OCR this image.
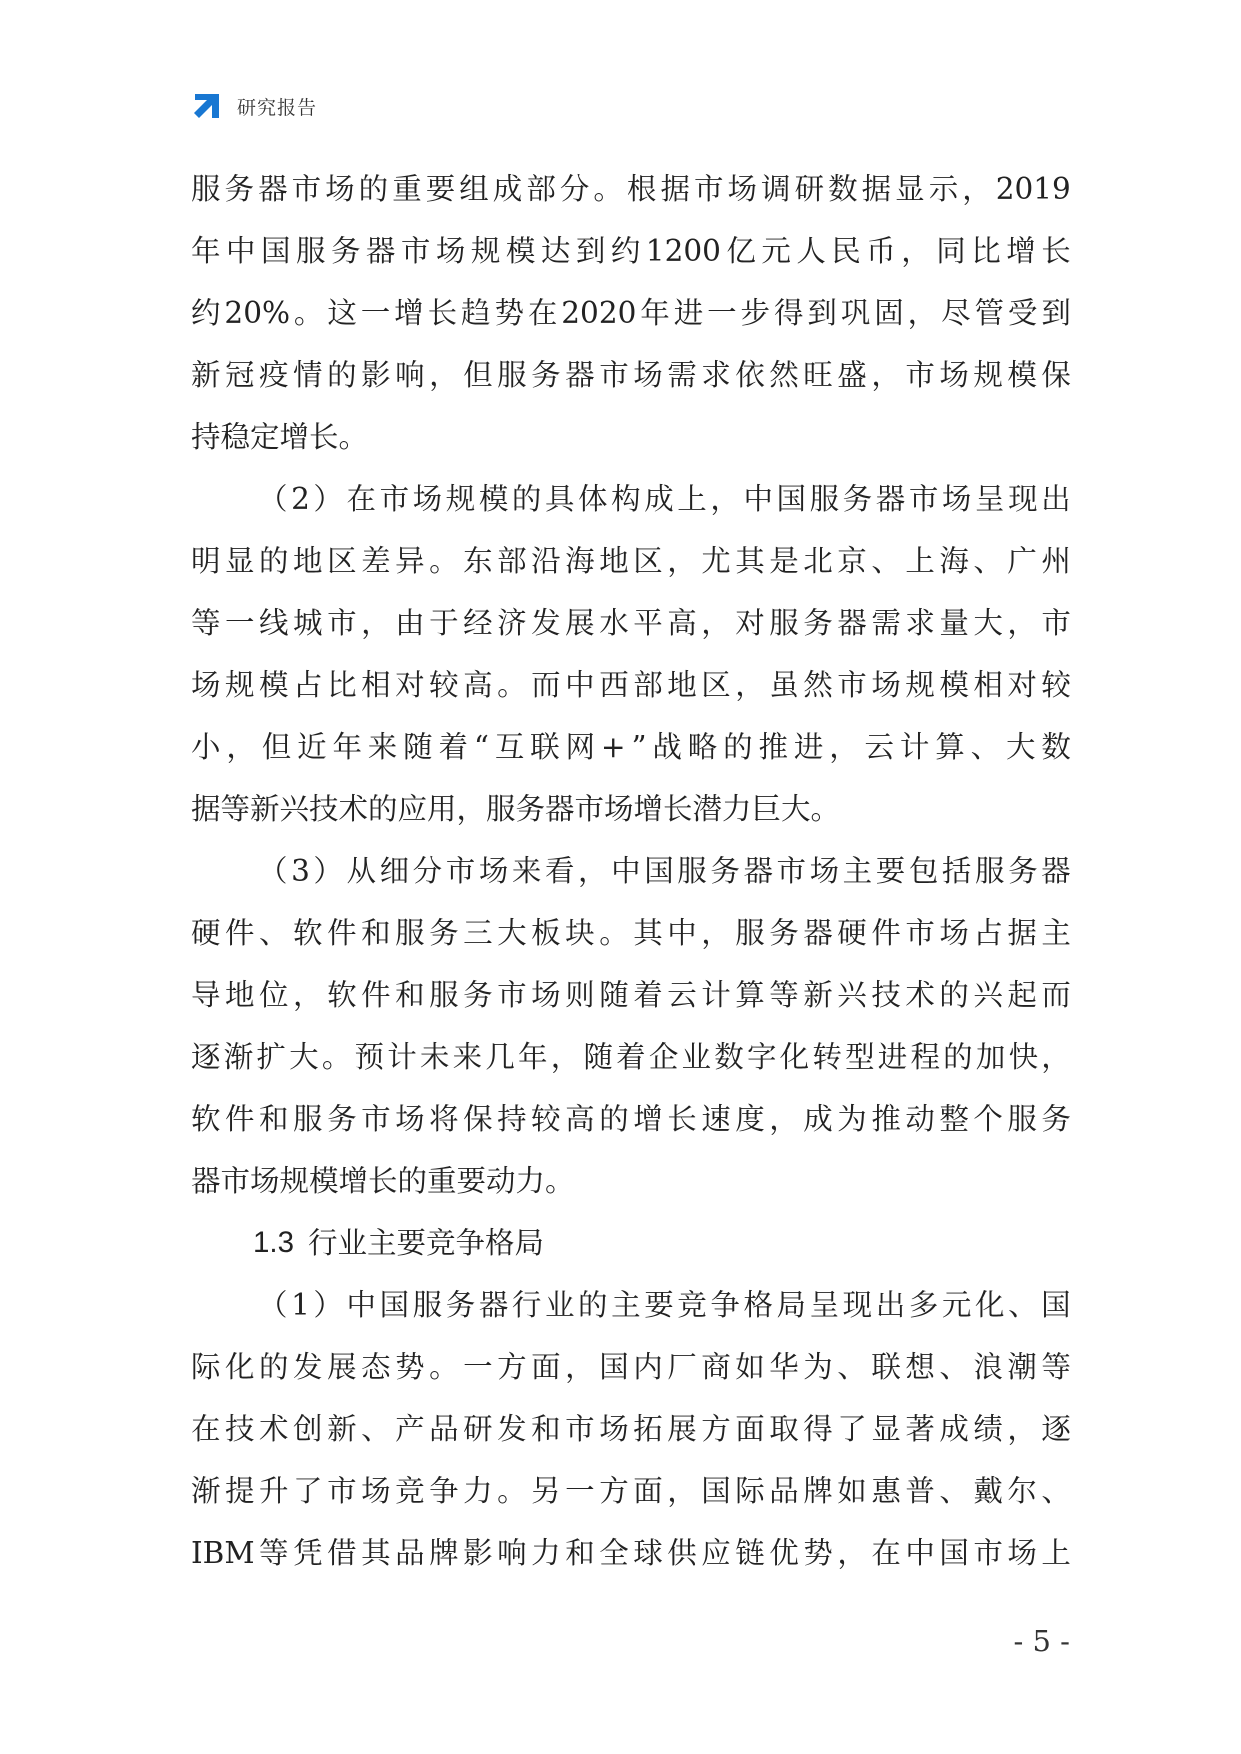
研究报告
服 务 器 市 场 的 重 要 组 成 部 分 。 根 据 市 场 调 研 数 据 显 示 ， 2019
年 中 国 服 务 器 市 场 规 模 达 到 约 1200 亿 元 人 民 币 ， 同 比 增 长
约 20% 。 这 一 增 长 趋 势 在 2020 年 进 一 步 得 到 巩 固 ， 尽 管 受 到
新 冠 疫 情 的 影 响 ， 但 服 务 器 市 场 需 求 依 然 旺 盛 ， 市 场 规 模 保
持稳定增长。
（ 2 ） 在 市 场 规 模 的 具 体 构 成 上 ， 中 国 服 务 器 市 场 呈 现 出
明 显 的 地 区 差 异 。 东 部 沿 海 地 区 ， 尤 其 是 北 京 、 上 海 、 广 州
等 一 线 城 市 ， 由 于 经 济 发 展 水 平 高 ， 对 服 务 器 需 求 量 大 ， 市
场 规 模 占 比 相 对 较 高 。 而 中 西 部 地 区 ， 虽 然 市 场 规 模 相 对 较
小 ， 但 近 年 来 随 着 “ 互 联 网 + ” 战 略 的 推 进 ， 云 计 算 、 大 数
据等新兴技术的应用，服务器市场增长潜力巨大。
（ 3 ） 从 细 分 市 场 来 看 ， 中 国 服 务 器 市 场 主 要 包 括 服 务 器
硬 件 、 软 件 和 服 务 三 大 板 块 。 其 中 ， 服 务 器 硬 件 市 场 占 据 主
导 地 位 ， 软 件 和 服 务 市 场 则 随 着 云 计 算 等 新 兴 技 术 的 兴 起 而
逐 渐 扩 大 。 预 计 未 来 几 年 ， 随 着 企 业 数 字 化 转 型 进 程 的 加 快 ，
软 件 和 服 务 市 场 将 保 持 较 高 的 增 长 速 度 ， 成 为 推 动 整 个 服 务
器市场规模增长的重要动力。
1.3 行业主要竞争格局
（ 1 ） 中 国 服 务 器 行 业 的 主 要 竞 争 格 局 呈 现 出 多 元 化 、 国
际 化 的 发 展 态 势 。 一 方 面 ， 国 内 厂 商 如 华 为 、 联 想 、 浪 潮 等
在 技 术 创 新 、 产 品 研 发 和 市 场 拓 展 方 面 取 得 了 显 著 成 绩 ， 逐
渐 提 升 了 市 场 竞 争 力 。 另 一 方 面 ， 国 际 品 牌 如 惠 普 、 戴 尔 、
IBM 等 凭 借 其 品 牌 影 响 力 和 全 球 供 应 链 优 势 ， 在 中 国 市 场 上
- 5 -
